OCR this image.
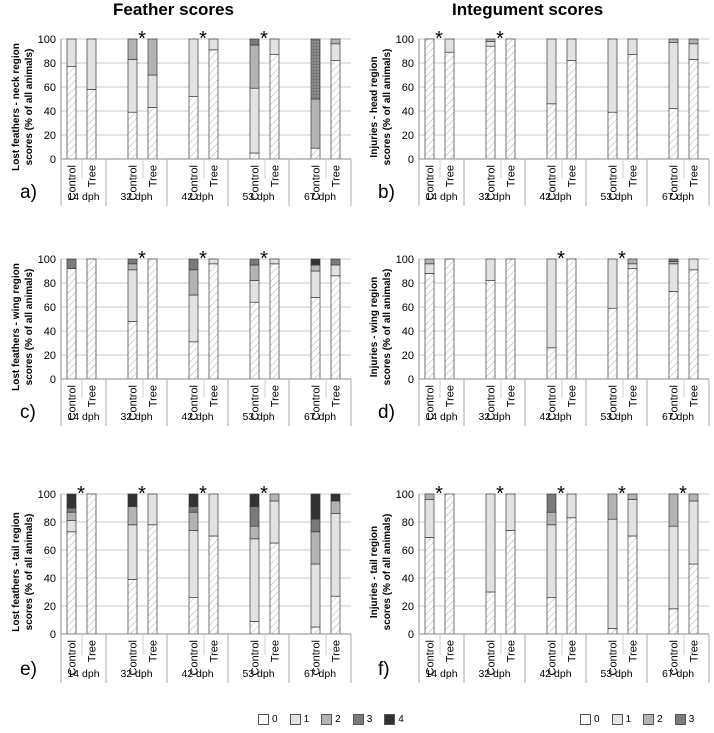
Feather scores	Integument scores
0
20
40
60
80
100
Lost feathers - neck region scores (% of all animals)
Control Tree	Control Tree	Control Tree	Control Tree	Control Tree
14 dph 32 dph	42 dph	53 dph	67 dph
*	*	*
a)
0
20
40
60
80
100
Injuries - head region scores (% of all animals)
Control Tree	Control Tree	Control Tree	Control Tree	Control Tree
14 dph 32 dph	42 dph	53 dph	67 dph
*	*
b)
0
20
40
60
80
100
Lost feathers - wing region scores (% of all animals)
Control Tree	Control Tree	Control Tree	Control Tree	Control Tree
14 dph 32 dph	42 dph	53 dph	67 dph
*	*	*
c)
0
20
40
60
80
100
Injuries - wing region scores (% of all animals)
Control Tree	Control Tree	Control Tree	Control Tree	Control Tree
14 dph 32 dph	42 dph	53 dph	67 dph
*	*
d)
0
20
40
60
80
100
Lost feathers - tail region scores (% of all animals)
Control Tree	Control Tree	Control Tree	Control Tree	Control Tree
14 dph 32 dph	42 dph	53 dph	67 dph
*	*	*	*
e)
0
20
40
60
80
100
Injuries - tail region scores (% of all animals)
Control Tree	Control Tree	Control Tree	Control Tree	Control Tree
14 dph 32 dph	42 dph	53 dph	67 dph
*	*	*	*	*
f)
0	1	2	3	4	0	1	2	3
